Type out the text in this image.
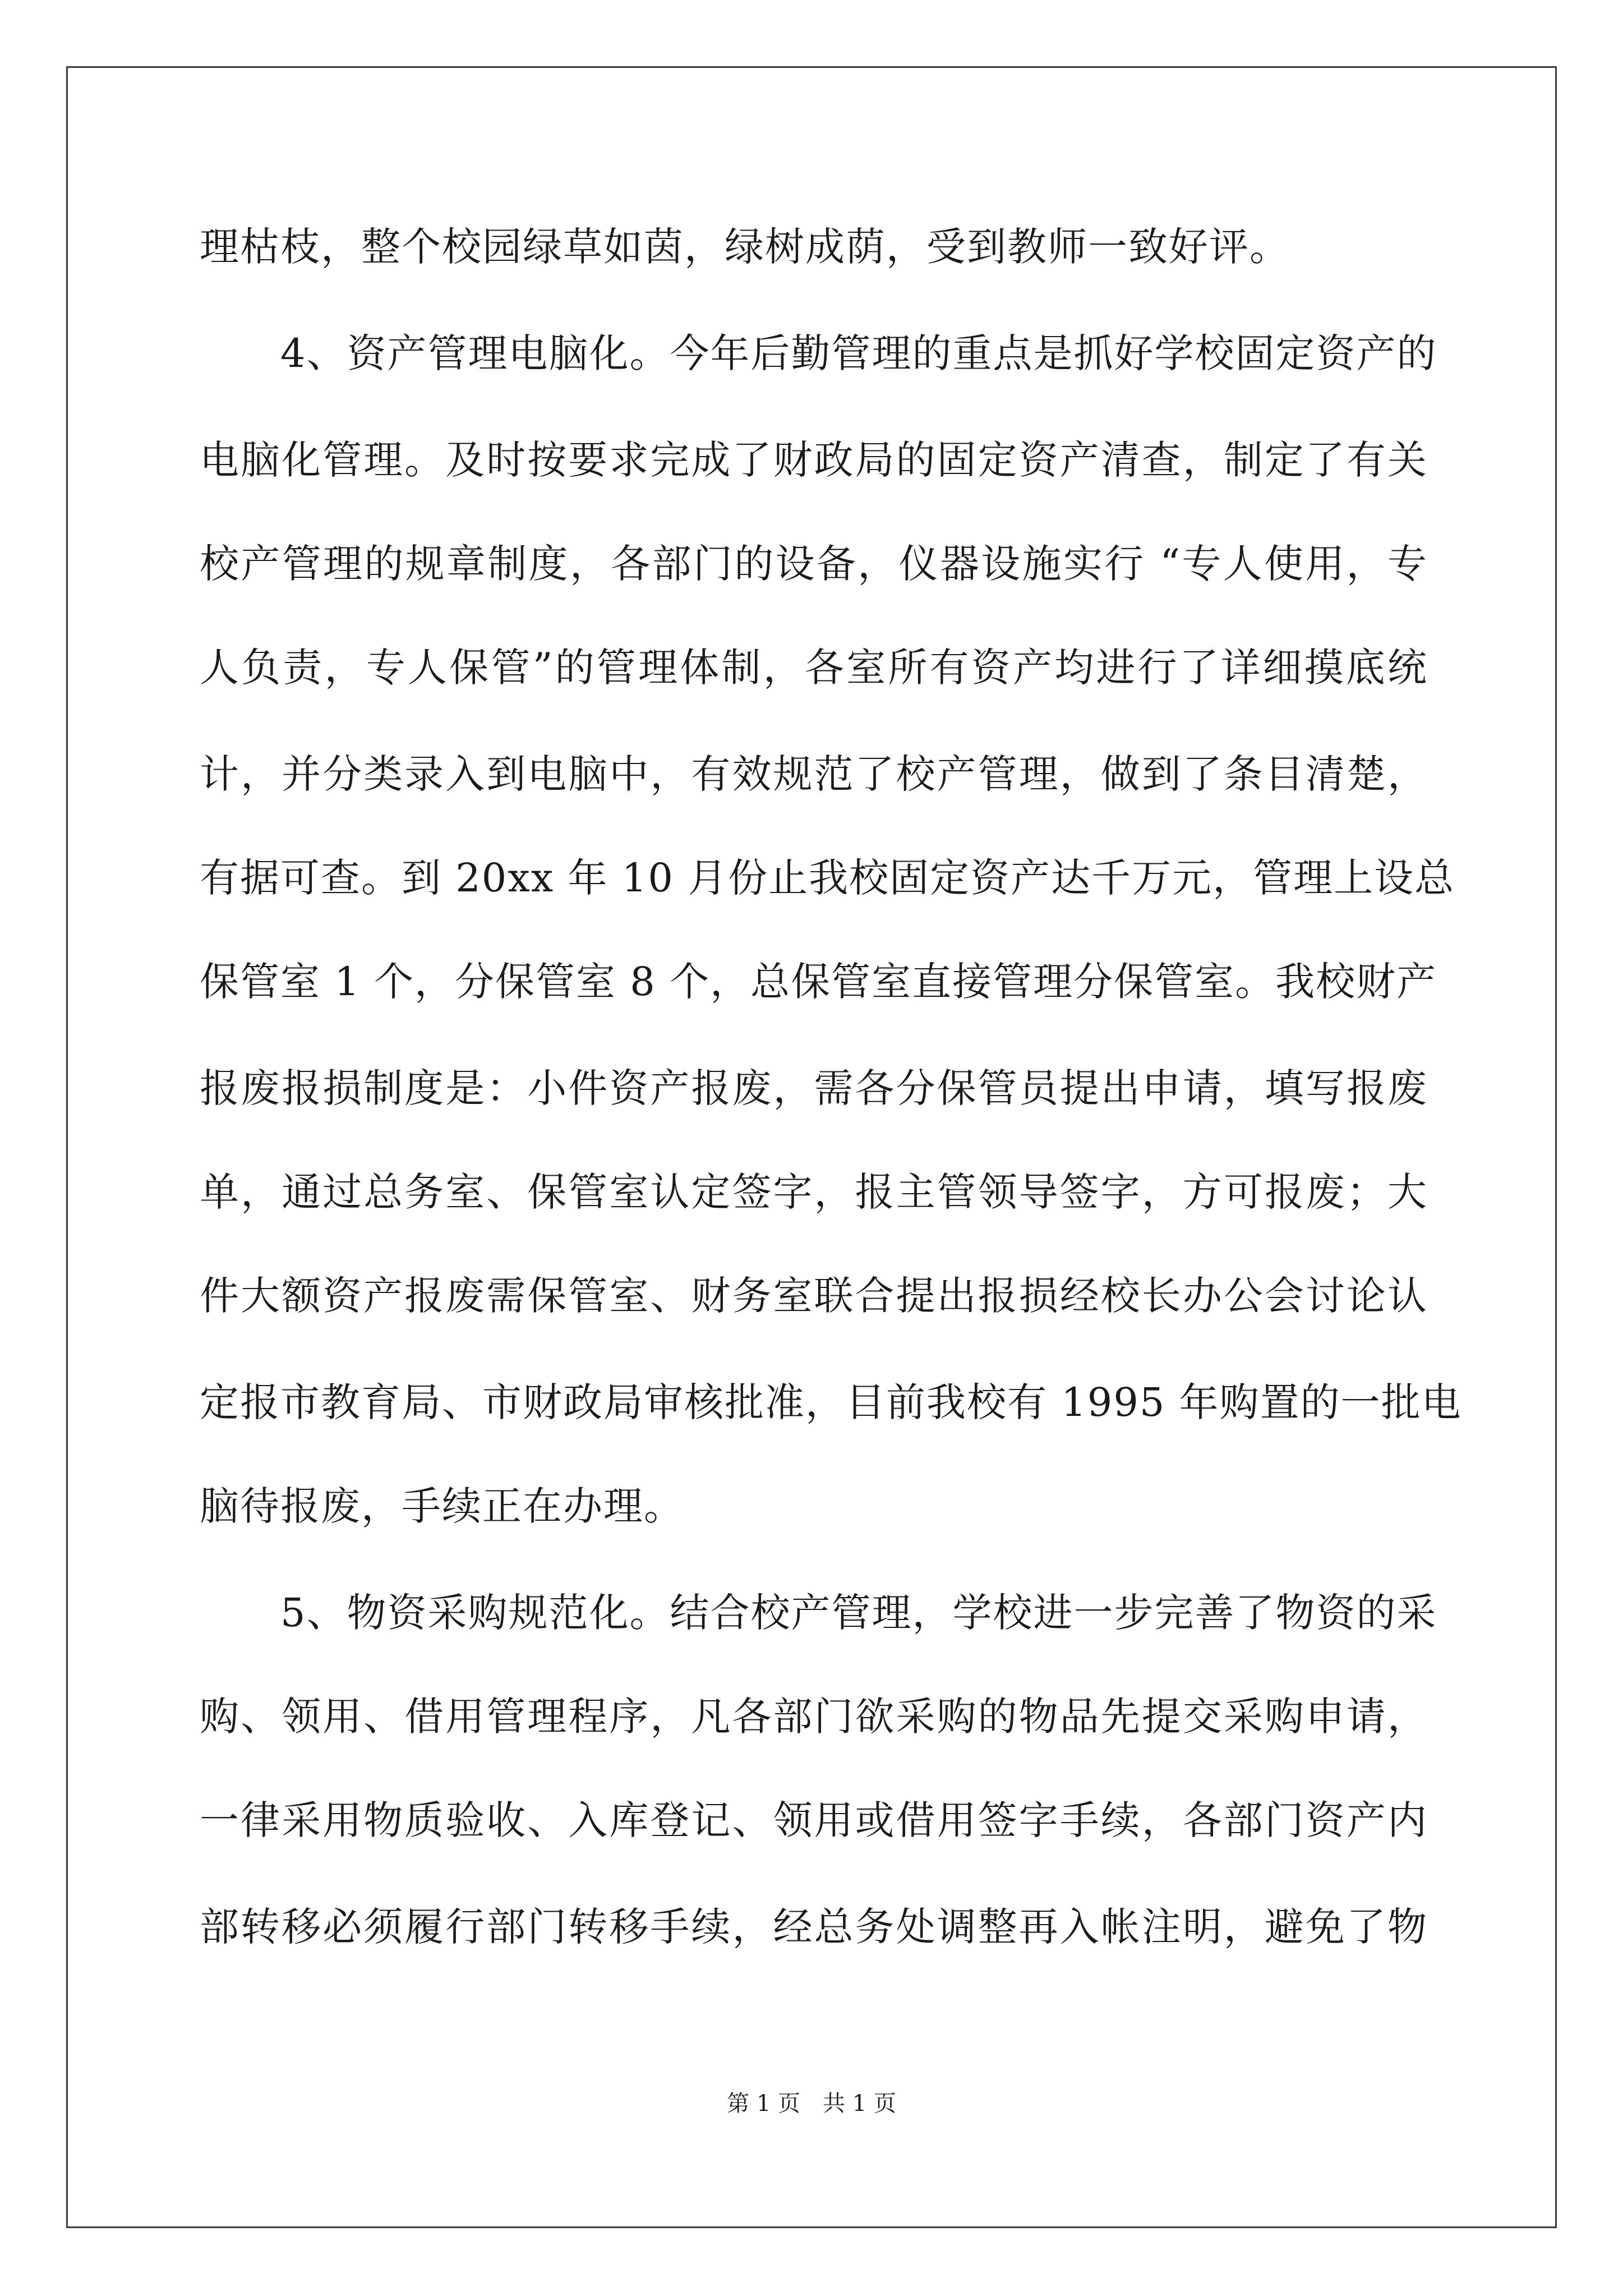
理枯枝，整个校园绿草如茵，绿树成荫，受到教师一致好评。

4、资产管理电脑化。今年后勤管理的重点是抓好学校固定资产的

电脑化管理。及时按要求完成了财政局的固定资产清查，制定了有关

校产管理的规章制度，各部门的设备，仪器设施实行 “专人使用，专

人负责，专人保管”的管理体制，各室所有资产均进行了详细摸底统

计，并分类录入到电脑中，有效规范了校产管理，做到了条目清楚，

有据可查。到 20xx 年 10 月份止我校固定资产达千万元，管理上设总

保管室 1 个，分保管室 8 个，总保管室直接管理分保管室。我校财产

报废报损制度是：小件资产报废，需各分保管员提出申请，填写报废

单，通过总务室、保管室认定签字，报主管领导签字，方可报废；大

件大额资产报废需保管室、财务室联合提出报损经校长办公会讨论认

定报市教育局、市财政局审核批准，目前我校有 1995 年购置的一批电

脑待报废，手续正在办理。

5、物资采购规范化。结合校产管理，学校进一步完善了物资的采

购、领用、借用管理程序，凡各部门欲采购的物品先提交采购申请，

一律采用物质验收、入库登记、领用或借用签字手续，各部门资产内

部转移必须履行部门转移手续，经总务处调整再入帐注明，避免了物

第 1 页 共 1 页
